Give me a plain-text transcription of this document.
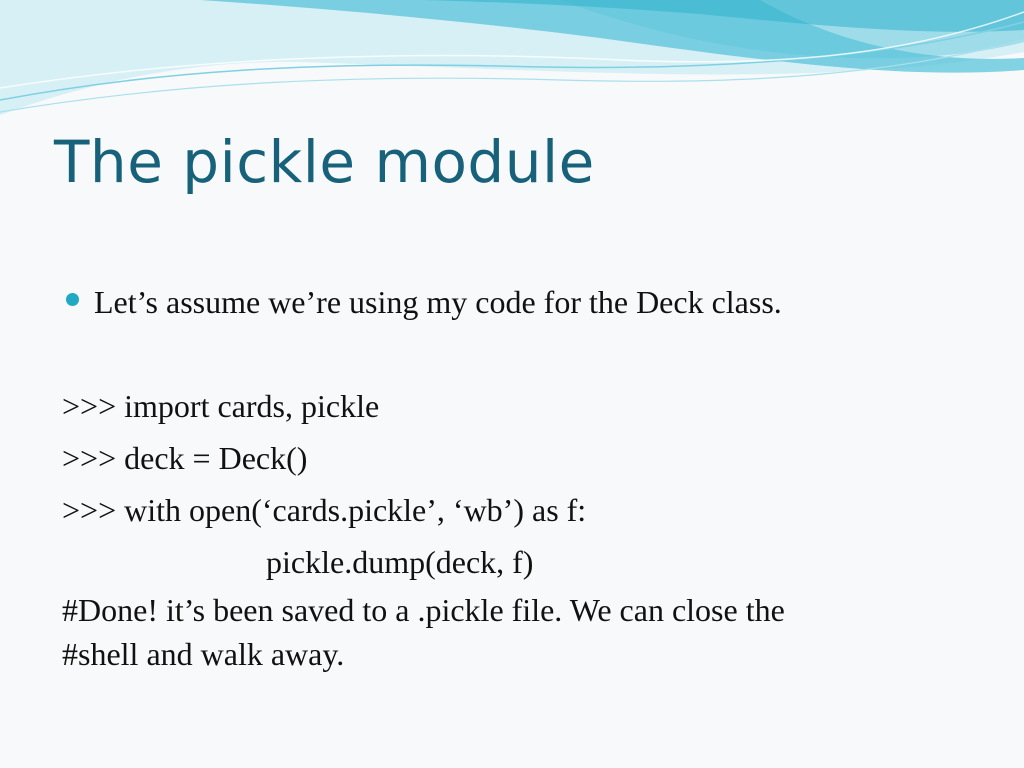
The pickle module
Let’s assume we’re using my code for the Deck class.
>>> import cards, pickle
>>> deck = Deck()
>>> with open(‘cards.pickle’, ‘wb’) as f:
pickle.dump(deck, f)
#Done! it’s been saved to a .pickle file. We can close the
#shell and walk away.
